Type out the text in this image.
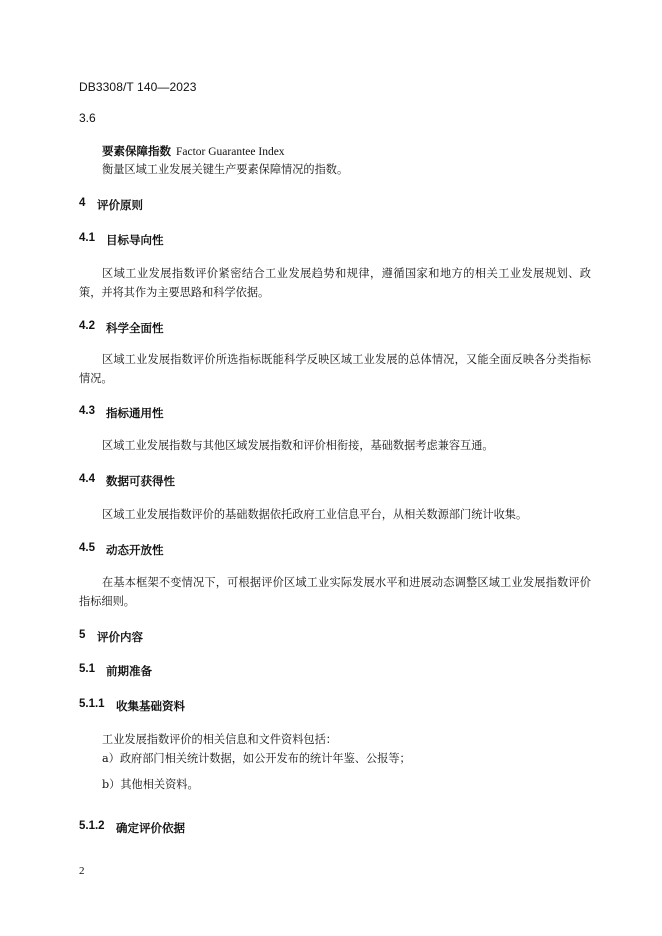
DB3308/T 140—2023
3.6
要素保障指数 Factor Guarantee Index
衡量区域工业发展关键生产要素保障情况的指数。
4 评价原则
4.1 目标导向性

区域工业发展指数评价紧密结合工业发展趋势和规律，遵循国家和地方的相关工业发展规划、政策，并将其作为主要思路和科学依据。

4.2 科学全面性

区域工业发展指数评价所选指标既能科学反映区域工业发展的总体情况，又能全面反映各分类指标情况。

4.3 指标通用性

区域工业发展指数与其他区域发展指数和评价相衔接，基础数据考虑兼容互通。

4.4 数据可获得性

区域工业发展指数评价的基础数据依托政府工业信息平台，从相关数源部门统计收集。

4.5 动态开放性

在基本框架不变情况下，可根据评价区域工业实际发展水平和进展动态调整区域工业发展指数评价指标细则。

5 评价内容
5.1 前期准备
5.1.1 收集基础资料
工业发展指数评价的相关信息和文件资料包括：
a）政府部门相关统计数据，如公开发布的统计年鉴、公报等；
b）其他相关资料。
5.1.2 确定评价依据
2
